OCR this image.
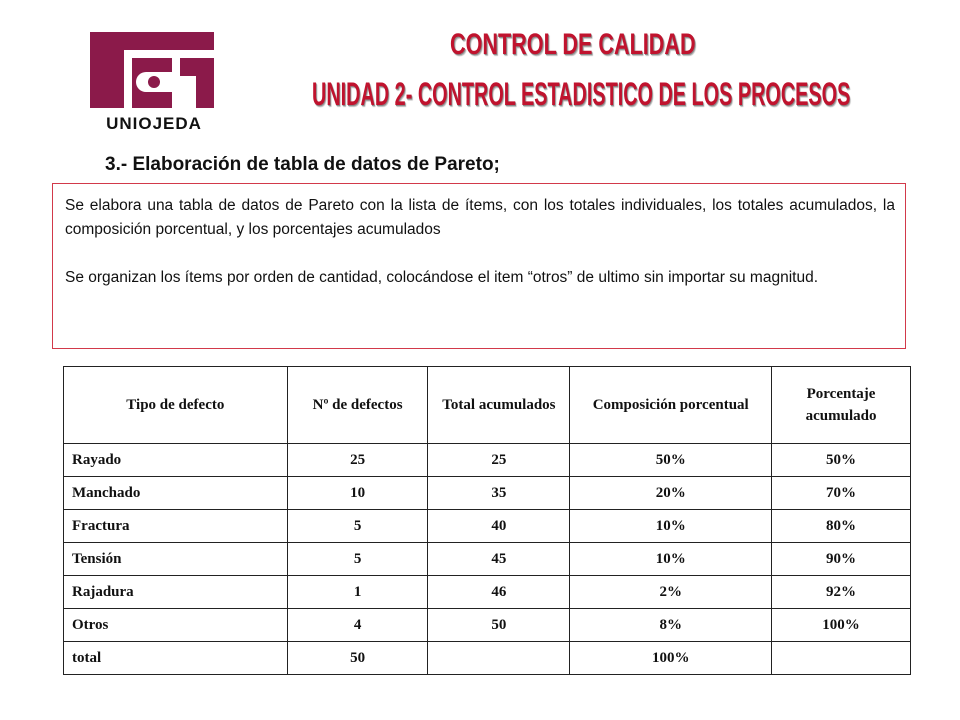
UNIOJEDA
CONTROL DE CALIDAD
UNIDAD 2- CONTROL ESTADISTICO DE LOS PROCESOS
3.- Elaboración de tabla de datos de Pareto;

Se elabora una tabla de datos de Pareto con la lista de ítems, con los totales individuales, los totales acumulados, la composición porcentual, y los porcentajes acumulados

Se organizan los ítems por orden de cantidad, colocándose el item “otros” de ultimo sin importar su magnitud.

Tipo de defecto	Nº de defectos	Total acumulados	Composición porcentual	Porcentaje acumulado
Rayado	25	25	50%	50%
Manchado	10	35	20%	70%
Fractura	5	40	10%	80%
Tensión	5	45	10%	90%
Rajadura	1	46	2%	92%
Otros	4	50	8%	100%
total	50		100%	
